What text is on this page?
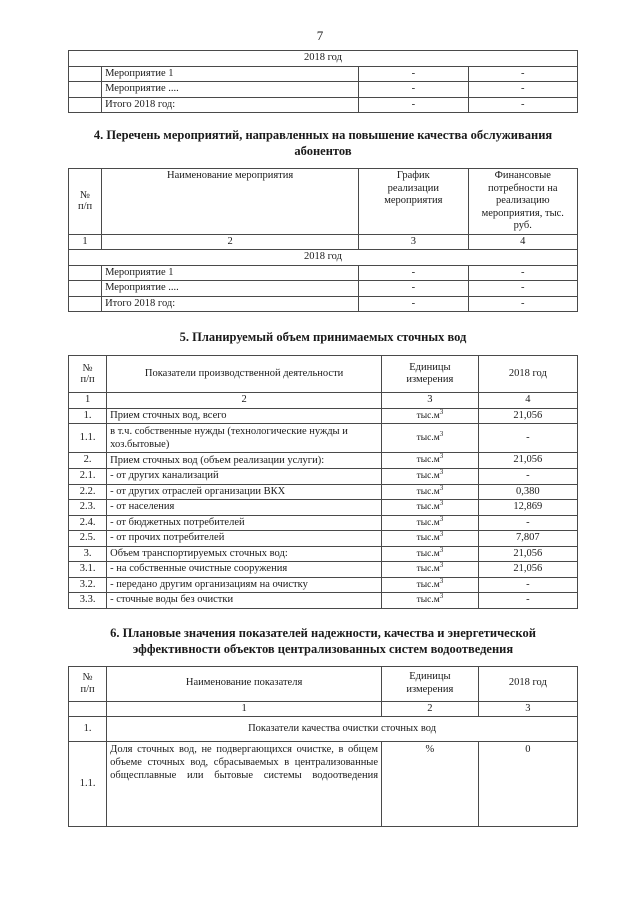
7
2018 год			
	Мероприятие 1	-	-
	Мероприятие ....	-	-
	Итого 2018 год:	-	-
4. Перечень мероприятий, направленных на повышение качества обслуживания абонентов
№
п/п	Наименование мероприятия	График
реализации
мероприятия	Финансовые
потребности на
реализацию
мероприятия, тыс. руб.
1	2	3	4
2018 год			
	Мероприятие 1	-	-
	Мероприятие ....	-	-
	Итого 2018 год:	-	-
5. Планируемый объем принимаемых сточных вод
№
п/п	Показатели производственной деятельности	Единицы измерения	2018 год
1	2	3	4
1.	Прием сточных вод, всего	$тыс.м^3$	21,056
1.1.	в т.ч. собственные нужды (технологические нужды и хоз.бытовые)	$тыс.м^3$	-
2.	Прием сточных вод (объем реализации услуги):	$тыс.м^3$	21,056
2.1.	- от других канализаций	$тыс.м^3$	-
2.2.	- от других отраслей организации ВКХ	$тыс.м^3$	0,380
2.3.	- от населения	$тыс.м^3$	12,869
2.4.	- от бюджетных потребителей	$тыс.м^3$	-
2.5.	- от прочих потребителей	$тыс.м^3$	7,807
3.	Объем транспортируемых сточных вод:	$тыс.м^3$	21,056
3.1.	- на собственные очистные сооружения	$тыс.м^3$	21,056
3.2.	- передано другим организациям на очистку	$тыс.м^3$	-
3.3.	- сточные воды без очистки	$тыс.м^3$	-
6. Плановые значения показателей надежности, качества и энергетической эффективности объектов централизованных систем водоотведения
№
п/п	Наименование показателя	Единицы измерения	2018 год
	1	2	3
1.	Показатели качества очистки сточных вод		
1.1.	Доля сточных вод, не подвергающихся очистке, в общем объеме сточных вод, сбрасываемых в централизованные общесплавные или бытовые системы водоотведения	%	0
